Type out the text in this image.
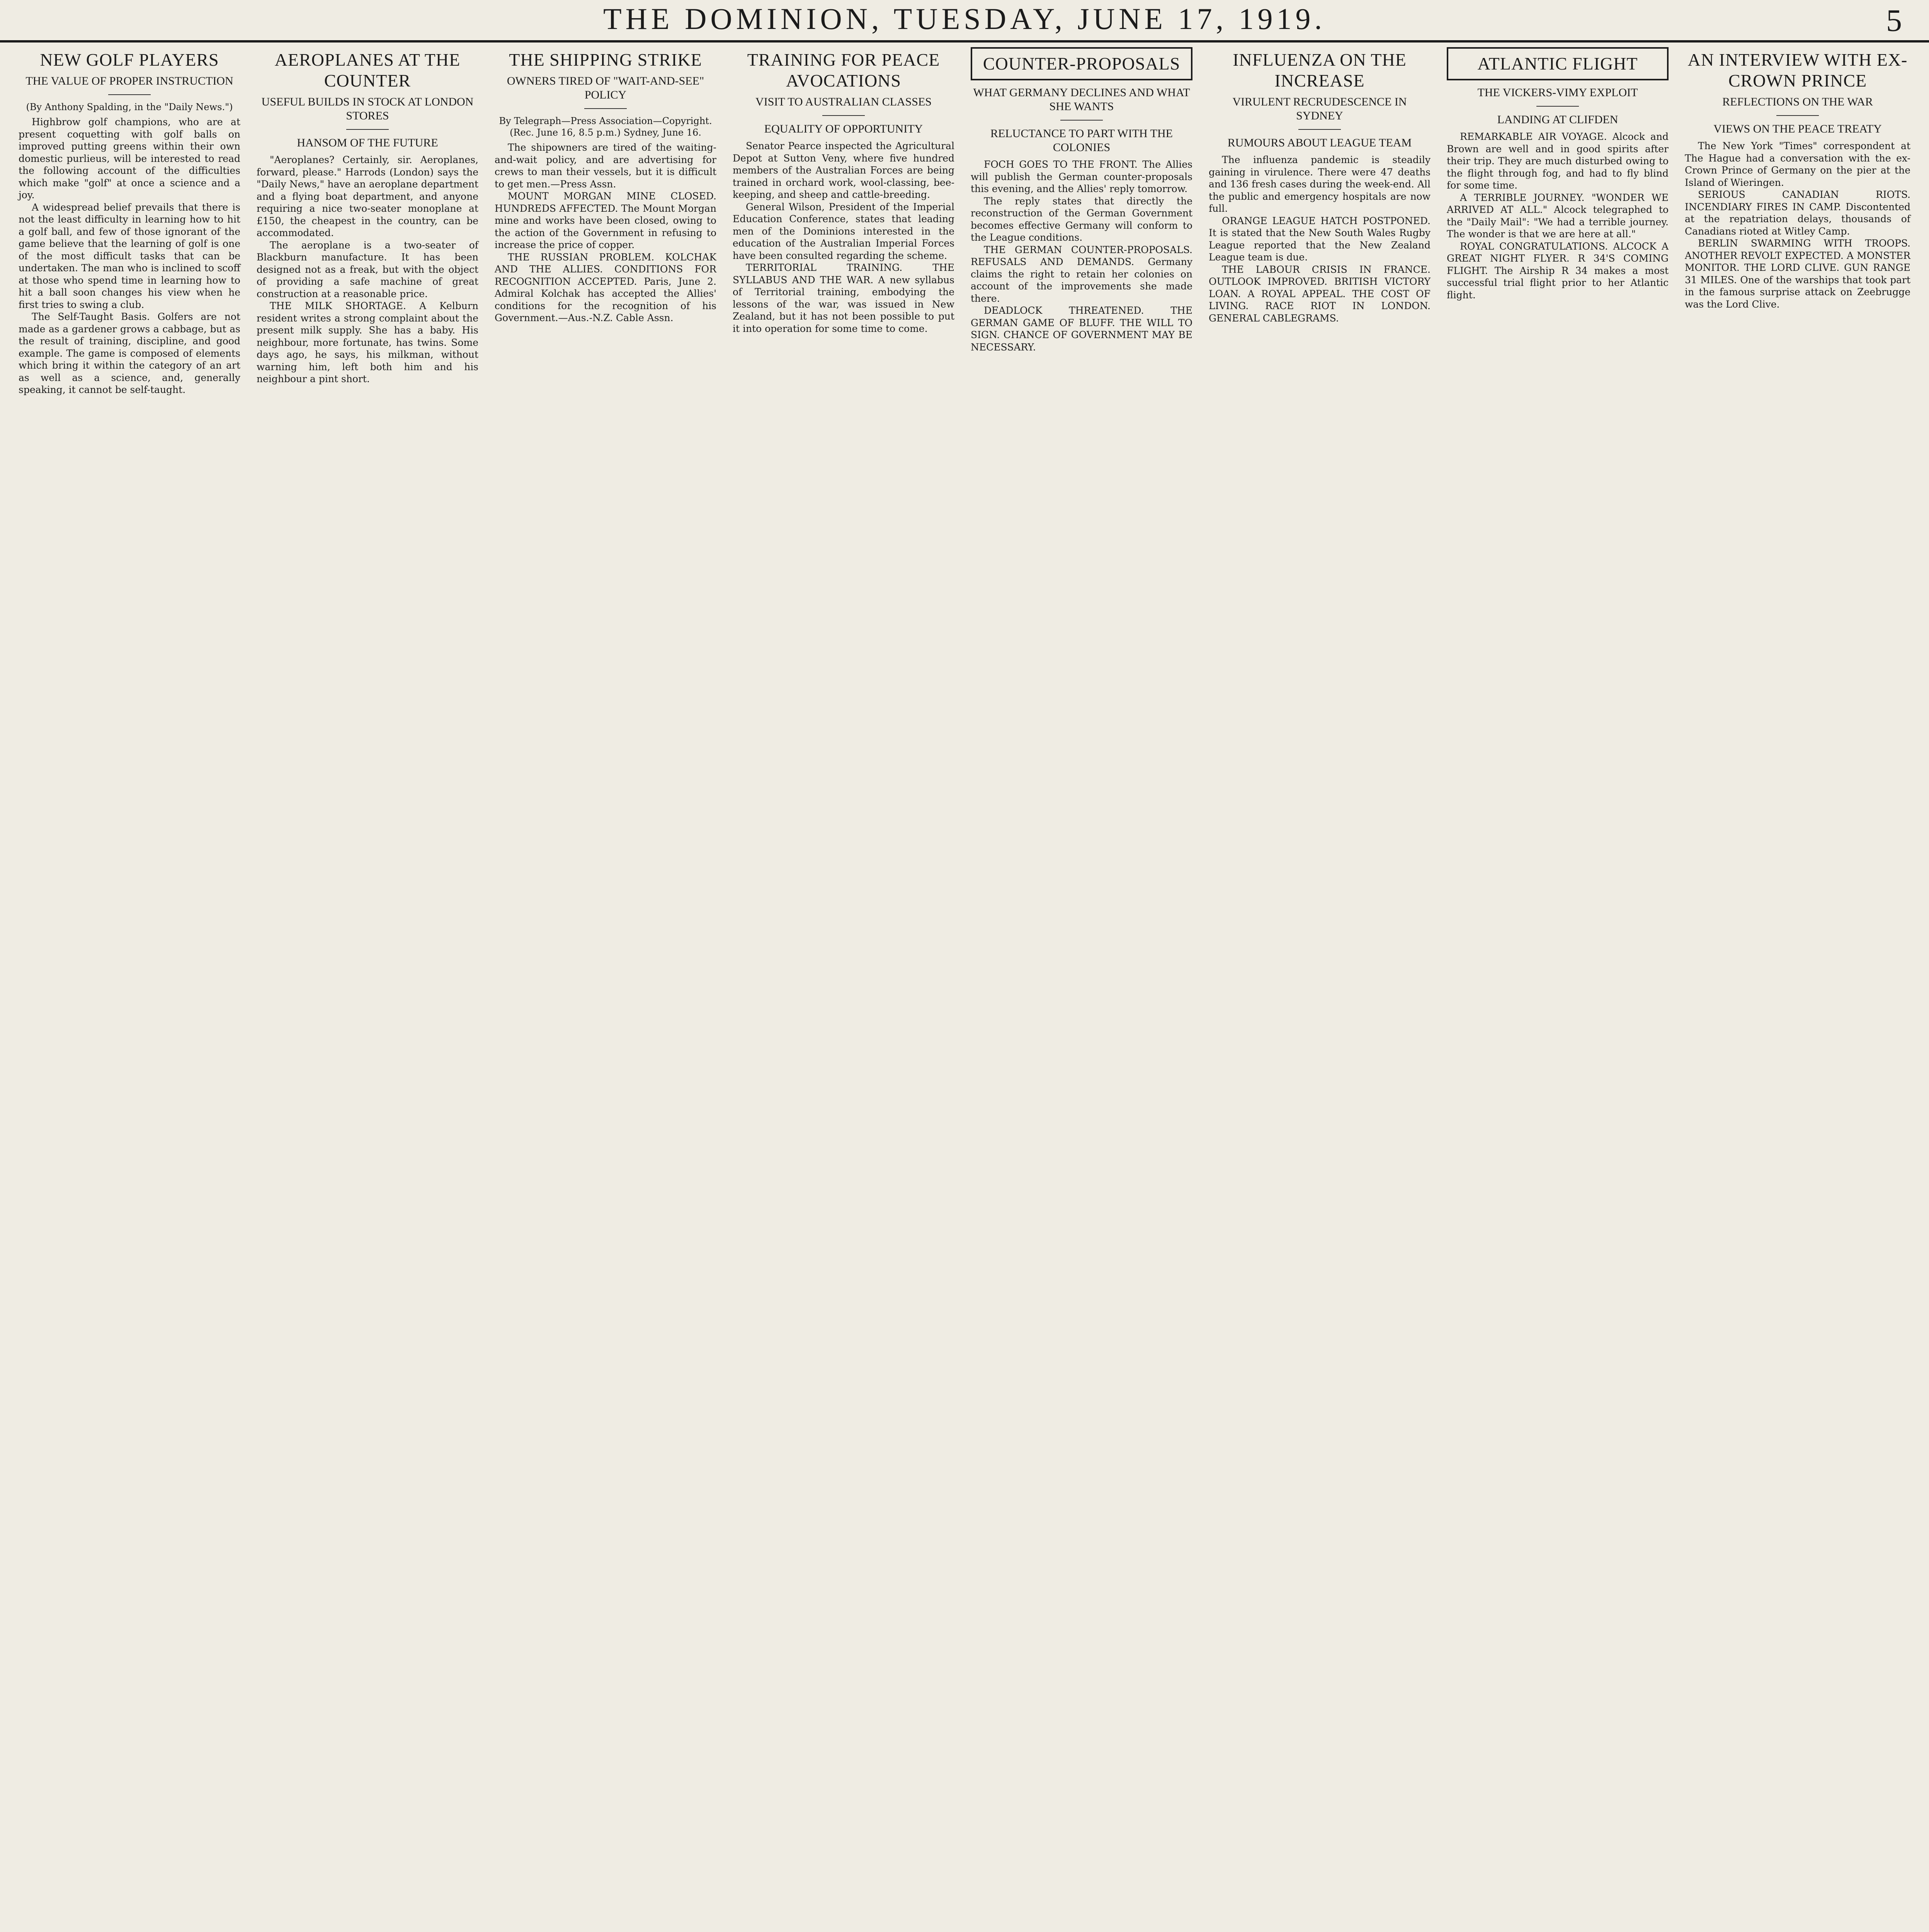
THE DOMINION, TUESDAY, JUNE 17, 1919.	5
NEW GOLF PLAYERS
THE VALUE OF PROPER INSTRUCTION
(By Anthony Spalding, in the "Daily News.")

Highbrow golf champions, who are at present coquetting with golf balls on improved putting greens within their own domestic purlieus, will be interested to read the following account of the difficulties which make "golf" at once a science and a joy.

A widespread belief prevails that there is not the least difficulty in learning how to hit a golf ball, and few of those ignorant of the game believe that the learning of golf is one of the most difficult tasks that can be undertaken. The man who is inclined to scoff at those who spend time in learning how to hit a ball soon changes his view when he first tries to swing a club.

The Self-Taught Basis. Golfers are not made as a gardener grows a cabbage, but as the result of training, discipline, and good example. The game is composed of elements which bring it within the category of an art as well as a science, and, generally speaking, it cannot be self-taught.

AEROPLANES AT THE COUNTER
USEFUL BUILDS IN STOCK AT LONDON STORES
HANSOM OF THE FUTURE

"Aeroplanes? Certainly, sir. Aeroplanes, forward, please." Harrods (London) says the "Daily News," have an aeroplane department and a flying boat department, and anyone requiring a nice two-seater monoplane at £150, the cheapest in the country, can be accommodated.

The aeroplane is a two-seater of Blackburn manufacture. It has been designed not as a freak, but with the object of providing a safe machine of great construction at a reasonable price.

THE MILK SHORTAGE. A Kelburn resident writes a strong complaint about the present milk supply. She has a baby. His neighbour, more fortunate, has twins. Some days ago, he says, his milkman, without warning him, left both him and his neighbour a pint short.

THE SHIPPING STRIKE
OWNERS TIRED OF "WAIT-AND-SEE" POLICY
By Telegraph—Press Association—Copyright. (Rec. June 16, 8.5 p.m.) Sydney, June 16.

The shipowners are tired of the waiting-and-wait policy, and are advertising for crews to man their vessels, but it is difficult to get men.—Press Assn.

MOUNT MORGAN MINE CLOSED. HUNDREDS AFFECTED. The Mount Morgan mine and works have been closed, owing to the action of the Government in refusing to increase the price of copper.

THE RUSSIAN PROBLEM. KOLCHAK AND THE ALLIES. CONDITIONS FOR RECOGNITION ACCEPTED. Paris, June 2. Admiral Kolchak has accepted the Allies' conditions for the recognition of his Government.—Aus.-N.Z. Cable Assn.

TRAINING FOR PEACE AVOCATIONS
VISIT TO AUSTRALIAN CLASSES
EQUALITY OF OPPORTUNITY

Senator Pearce inspected the Agricultural Depot at Sutton Veny, where five hundred members of the Australian Forces are being trained in orchard work, wool-classing, bee-keeping, and sheep and cattle-breeding.

General Wilson, President of the Imperial Education Conference, states that leading men of the Dominions interested in the education of the Australian Imperial Forces have been consulted regarding the scheme.

TERRITORIAL TRAINING. THE SYLLABUS AND THE WAR. A new syllabus of Territorial training, embodying the lessons of the war, was issued in New Zealand, but it has not been possible to put it into operation for some time to come.

COUNTER-PROPOSALS
WHAT GERMANY DECLINES AND WHAT SHE WANTS
RELUCTANCE TO PART WITH THE COLONIES

FOCH GOES TO THE FRONT. The Allies will publish the German counter-proposals this evening, and the Allies' reply tomorrow.

The reply states that directly the reconstruction of the German Government becomes effective Germany will conform to the League conditions.

THE GERMAN COUNTER-PROPOSALS. REFUSALS AND DEMANDS. Germany claims the right to retain her colonies on account of the improvements she made there.

DEADLOCK THREATENED. THE GERMAN GAME OF BLUFF. THE WILL TO SIGN. CHANCE OF GOVERNMENT MAY BE NECESSARY.

INFLUENZA ON THE INCREASE
VIRULENT RECRUDESCENCE IN SYDNEY
RUMOURS ABOUT LEAGUE TEAM

The influenza pandemic is steadily gaining in virulence. There were 47 deaths and 136 fresh cases during the week-end. All the public and emergency hospitals are now full.

ORANGE LEAGUE HATCH POSTPONED. It is stated that the New South Wales Rugby League reported that the New Zealand League team is due.

THE LABOUR CRISIS IN FRANCE. OUTLOOK IMPROVED. BRITISH VICTORY LOAN. A ROYAL APPEAL. THE COST OF LIVING. RACE RIOT IN LONDON. GENERAL CABLEGRAMS.

ATLANTIC FLIGHT
THE VICKERS-VIMY EXPLOIT
LANDING AT CLIFDEN

REMARKABLE AIR VOYAGE. Alcock and Brown are well and in good spirits after their trip. They are much disturbed owing to the flight through fog, and had to fly blind for some time.

A TERRIBLE JOURNEY. "WONDER WE ARRIVED AT ALL." Alcock telegraphed to the "Daily Mail": "We had a terrible journey. The wonder is that we are here at all."

ROYAL CONGRATULATIONS. ALCOCK A GREAT NIGHT FLYER. R 34'S COMING FLIGHT. The Airship R 34 makes a most successful trial flight prior to her Atlantic flight.

AN INTERVIEW WITH EX-CROWN PRINCE
REFLECTIONS ON THE WAR
VIEWS ON THE PEACE TREATY

The New York "Times" correspondent at The Hague had a conversation with the ex-Crown Prince of Germany on the pier at the Island of Wieringen.

SERIOUS CANADIAN RIOTS. INCENDIARY FIRES IN CAMP. Discontented at the repatriation delays, thousands of Canadians rioted at Witley Camp.

BERLIN SWARMING WITH TROOPS. ANOTHER REVOLT EXPECTED. A MONSTER MONITOR. THE LORD CLIVE. GUN RANGE 31 MILES. One of the warships that took part in the famous surprise attack on Zeebrugge was the Lord Clive.
